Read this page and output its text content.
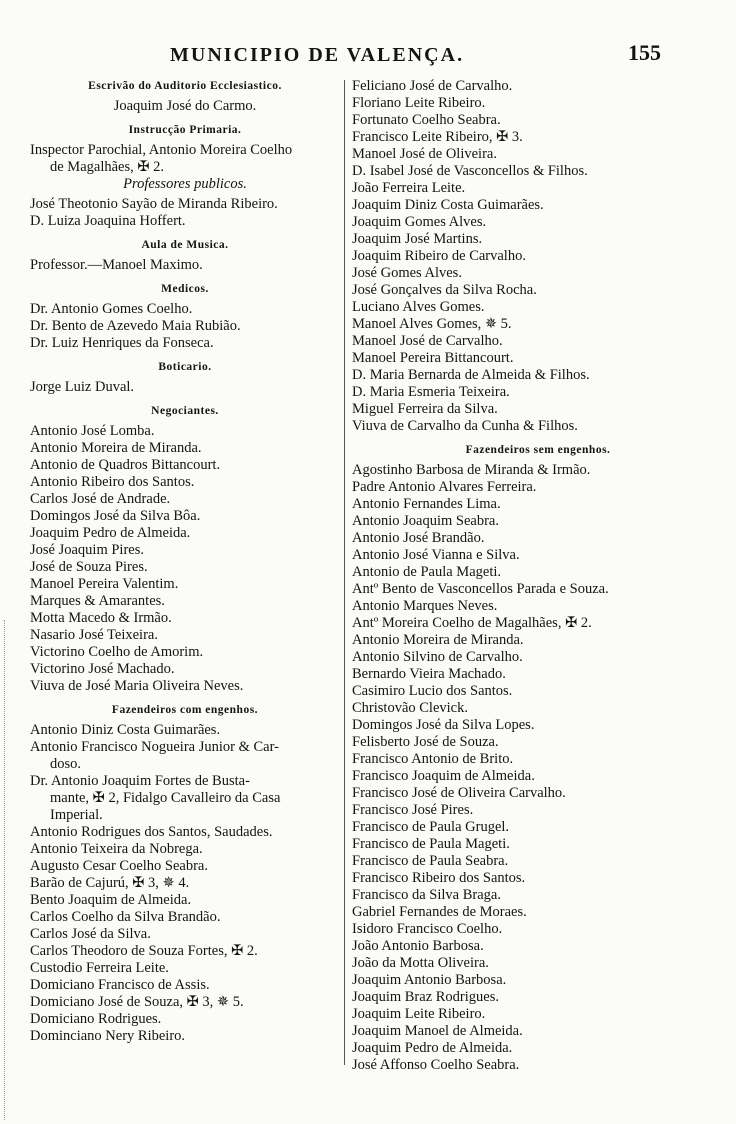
MUNICIPIO DE VALENÇA.	155
Escrivão do Auditorio Ecclesiastico.
Joaquim José do Carmo.
Instrucção Primaria.
Inspector Parochial, Antonio Moreira Coelho
de Magalhães, ✠ 2.
Professores publicos.
José Theotonio Sayão de Miranda Ribeiro.
D. Luiza Joaquina Hoffert.
Aula de Musica.
Professor.—Manoel Maximo.
Medicos.
Dr. Antonio Gomes Coelho.
Dr. Bento de Azevedo Maia Rubião.
Dr. Luiz Henriques da Fonseca.
Boticario.
Jorge Luiz Duval.
Negociantes.
Antonio José Lomba.
Antonio Moreira de Miranda.
Antonio de Quadros Bittancourt.
Antonio Ribeiro dos Santos.
Carlos José de Andrade.
Domingos José da Silva Bôa.
Joaquim Pedro de Almeida.
José Joaquim Pires.
José de Souza Pires.
Manoel Pereira Valentim.
Marques & Amarantes.
Motta Macedo & Irmão.
Nasario José Teixeira.
Victorino Coelho de Amorim.
Victorino José Machado.
Viuva de José Maria Oliveira Neves.
Fazendeiros com engenhos.
Antonio Diniz Costa Guimarães.
Antonio Francisco Nogueira Junior & Car-
doso.
Dr. Antonio Joaquim Fortes de Busta-
mante, ✠ 2, Fidalgo Cavalleiro da Casa
Imperial.
Antonio Rodrigues dos Santos, Saudades.
Antonio Teixeira da Nobrega.
Augusto Cesar Coelho Seabra.
Barão de Cajurú, ✠ 3, ✵ 4.
Bento Joaquim de Almeida.
Carlos Coelho da Silva Brandão.
Carlos José da Silva.
Carlos Theodoro de Souza Fortes, ✠ 2.
Custodio Ferreira Leite.
Domiciano Francisco de Assis.
Domiciano José de Souza, ✠ 3, ✵ 5.
Domiciano Rodrigues.
Dominciano Nery Ribeiro.
Feliciano José de Carvalho.
Floriano Leite Ribeiro.
Fortunato Coelho Seabra.
Francisco Leite Ribeiro, ✠ 3.
Manoel José de Oliveira.
D. Isabel José de Vasconcellos & Filhos.
João Ferreira Leite.
Joaquim Diniz Costa Guimarães.
Joaquim Gomes Alves.
Joaquim José Martins.
Joaquim Ribeiro de Carvalho.
José Gomes Alves.
José Gonçalves da Silva Rocha.
Luciano Alves Gomes.
Manoel Alves Gomes, ✵ 5.
Manoel José de Carvalho.
Manoel Pereira Bittancourt.
D. Maria Bernarda de Almeida & Filhos.
D. Maria Esmeria Teixeira.
Miguel Ferreira da Silva.
Viuva de Carvalho da Cunha & Filhos.
Fazendeiros sem engenhos.
Agostinho Barbosa de Miranda & Irmão.
Padre Antonio Alvares Ferreira.
Antonio Fernandes Lima.
Antonio Joaquim Seabra.
Antonio José Brandão.
Antonio José Vianna e Silva.
Antonio de Paula Mageti.
Antº Bento de Vasconcellos Parada e Souza.
Antonio Marques Neves.
Antº Moreira Coelho de Magalhães, ✠ 2.
Antonio Moreira de Miranda.
Antonio Silvino de Carvalho.
Bernardo Vieira Machado.
Casimiro Lucio dos Santos.
Christovão Clevick.
Domingos José da Silva Lopes.
Felisberto José de Souza.
Francisco Antonio de Brito.
Francisco Joaquim de Almeida.
Francisco José de Oliveira Carvalho.
Francisco José Pires.
Francisco de Paula Grugel.
Francisco de Paula Mageti.
Francisco de Paula Seabra.
Francisco Ribeiro dos Santos.
Francisco da Silva Braga.
Gabriel Fernandes de Moraes.
Isidoro Francisco Coelho.
João Antonio Barbosa.
João da Motta Oliveira.
Joaquim Antonio Barbosa.
Joaquim Braz Rodrigues.
Joaquim Leite Ribeiro.
Joaquim Manoel de Almeida.
Joaquim Pedro de Almeida.
José Affonso Coelho Seabra.
